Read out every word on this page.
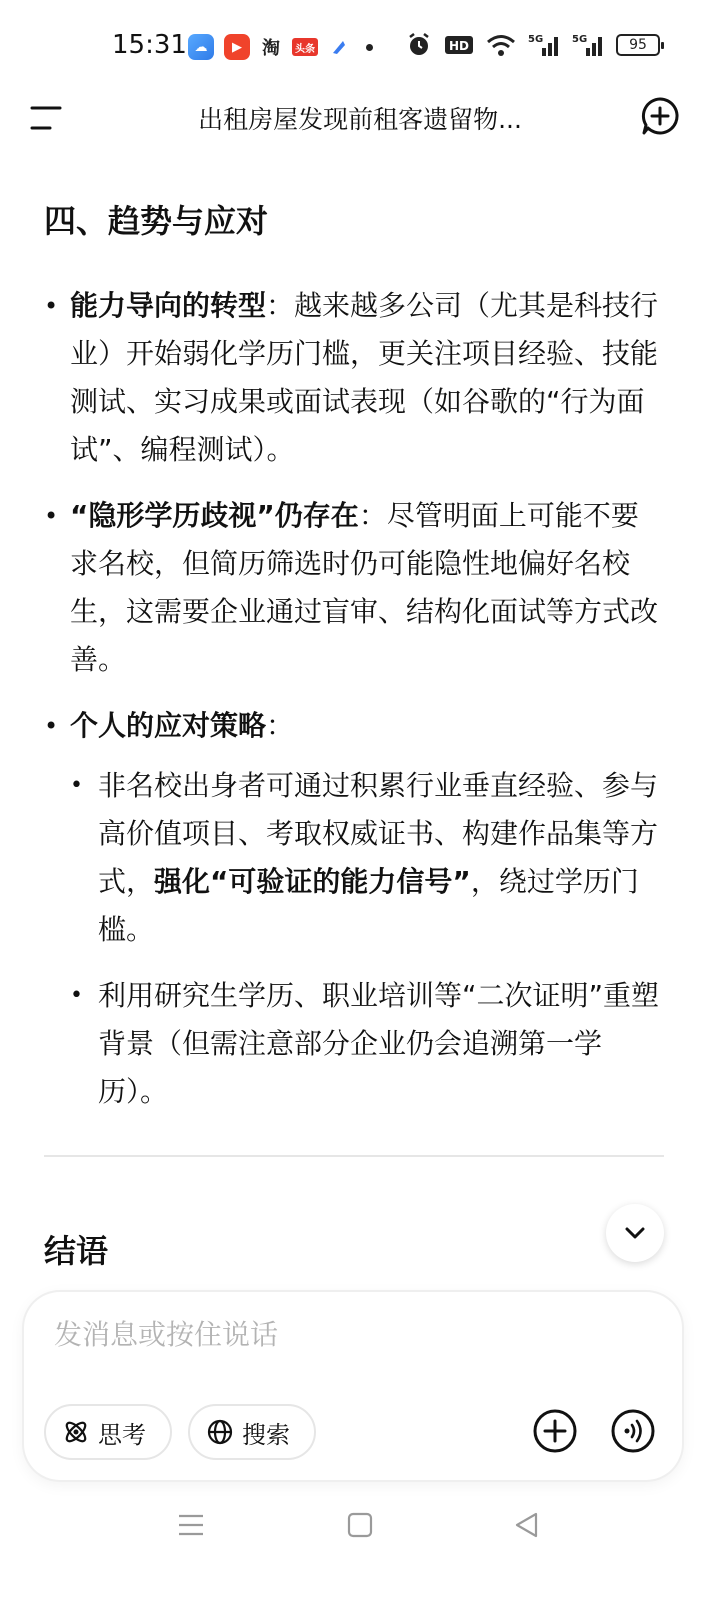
15:31 ☁	▶	淘	头条	HD	5G	5G	95
出租房屋发现前租客遗留物...
四、趋势与应对
• 能力导向的转型：越来越多公司（尤其是科技行业）开始弱化学历门槛，更关注项目经验、技能测试、实习成果或面试表现（如谷歌的“行为面试”、编程测试）。
• “隐形学历歧视”仍存在：尽管明面上可能不要求名校，但简历筛选时仍可能隐性地偏好名校生，这需要企业通过盲审、结构化面试等方式改善。
• 个人的应对策略：
• 非名校出身者可通过积累行业垂直经验、参与高价值项目、考取权威证书、构建作品集等方式，强化“可验证的能力信号”，绕过学历门槛。
• 利用研究生学历、职业培训等“二次证明”重塑背景（但需注意部分企业仍会追溯第一学历）。
结语
发消息或按住说话
思考	搜索
